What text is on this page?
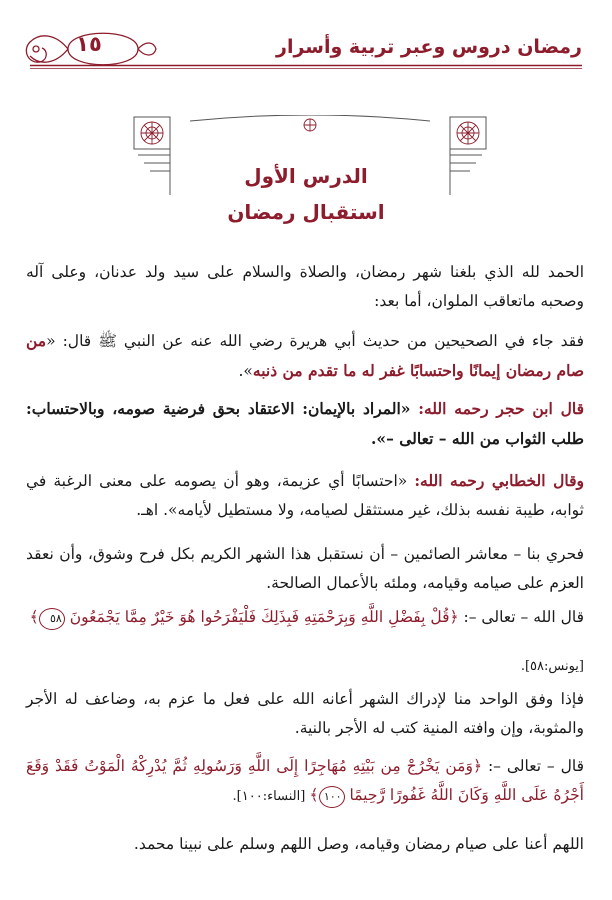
١٥	رمضان دروس وعبر تربية وأسرار
الدرس الأول
استقبال رمضان
الحمد لله الذي بلغنا شهر رمضان، والصلاة والسلام على سيد ولد عدنان، وعلى آله وصحبه ماتعاقب الملوان، أما بعد:
فقد جاء في الصحيحين من حديث أبي هريرة رضي الله عنه عن النبي ﷺ قال: «من صام رمضان إيمانًا واحتسابًا غفر له ما تقدم من ذنبه».
قال ابن حجر رحمه الله: «المراد بالإيمان: الاعتقاد بحق فرضية صومه، وبالاحتساب: طلب الثواب من الله – تعالى –».
وقال الخطابي رحمه الله: «احتسابًا أي عزيمة، وهو أن يصومه على معنى الرغبة في ثوابه، طيبة نفسه بذلك، غير مستثقل لصيامه، ولا مستطيل لأيامه». اهـ.
فحري بنا – معاشر الصائمين – أن نستقبل هذا الشهر الكريم بكل فرح وشوق، وأن نعقد العزم على صيامه وقيامه، وملئه بالأعمال الصالحة.
قال الله – تعالى –: ﴿قُلْ بِفَضْلِ اللَّهِ وَبِرَحْمَتِهِ فَبِذَلِكَ فَلْيَفْرَحُوا هُوَ خَيْرٌ مِمَّا يَجْمَعُونَ ٥٨﴾
[يونس:٥٨].
فإذا وفق الواحد منا لإدراك الشهر أعانه الله على فعل ما عزم به، وضاعف له الأجر والمثوبة، وإن وافته المنية كتب له الأجر بالنية.
قال – تعالى –: ﴿وَمَن يَخْرُجْ مِن بَيْتِهِ مُهَاجِرًا إِلَى اللَّهِ وَرَسُولِهِ ثُمَّ يُدْرِكْهُ الْمَوْتُ فَقَدْ وَقَعَ أَجْرُهُ عَلَى اللَّهِ وَكَانَ اللَّهُ غَفُورًا رَّحِيمًا ١٠٠﴾ [النساء:١٠٠].
اللهم أعنا على صيام رمضان وقيامه، وصل اللهم وسلم على نبينا محمد.
